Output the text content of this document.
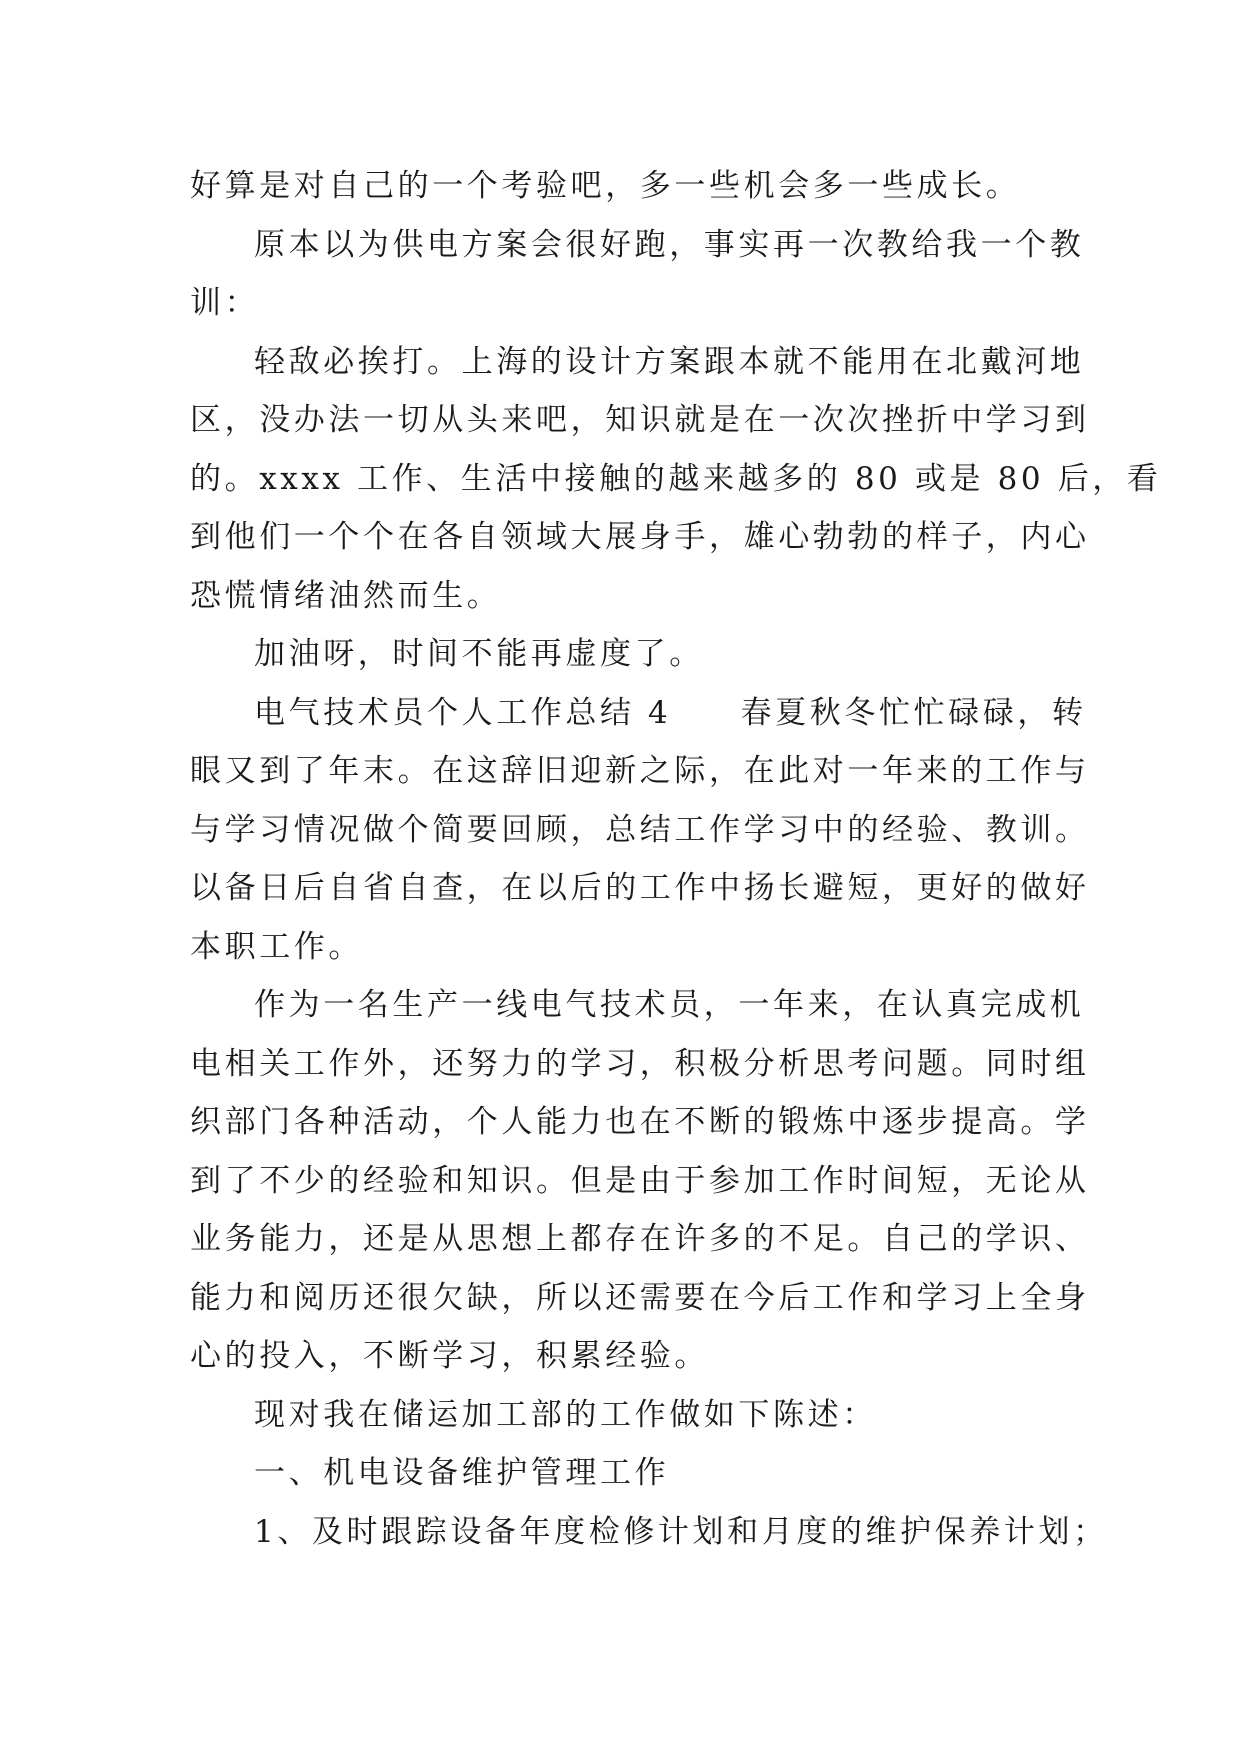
好算是对自己的一个考验吧，多一些机会多一些成长。
原本以为供电方案会很好跑，事实再一次教给我一个教
训：
轻敌必挨打。上海的设计方案跟本就不能用在北戴河地
区，没办法一切从头来吧，知识就是在一次次挫折中学习到
的。xxxx 工作、生活中接触的越来越多的 80 或是 80 后，看
到他们一个个在各自领域大展身手，雄心勃勃的样子，内心
恐慌情绪油然而生。
加油呀，时间不能再虚度了。
电气技术员个人工作总结 4　　春夏秋冬忙忙碌碌，转
眼又到了年末。在这辞旧迎新之际，在此对一年来的工作与
与学习情况做个简要回顾，总结工作学习中的经验、教训。
以备日后自省自查，在以后的工作中扬长避短，更好的做好
本职工作。
作为一名生产一线电气技术员，一年来，在认真完成机
电相关工作外，还努力的学习，积极分析思考问题。同时组
织部门各种活动，个人能力也在不断的锻炼中逐步提高。学
到了不少的经验和知识。但是由于参加工作时间短，无论从
业务能力，还是从思想上都存在许多的不足。自己的学识、
能力和阅历还很欠缺，所以还需要在今后工作和学习上全身
心的投入，不断学习，积累经验。
现对我在储运加工部的工作做如下陈述：
一、机电设备维护管理工作
1、及时跟踪设备年度检修计划和月度的维护保养计划；
